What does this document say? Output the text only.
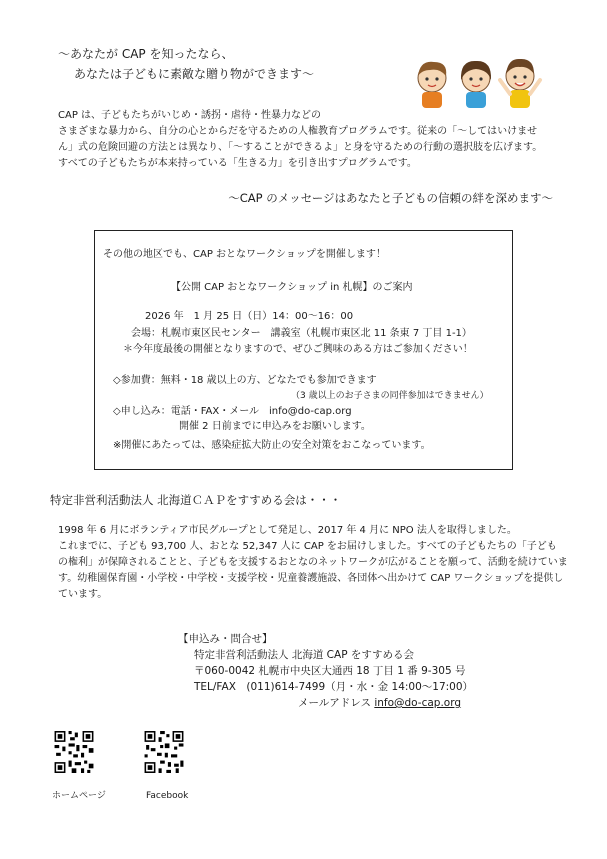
～あなたが CAP を知ったなら、
あなたは子どもに素敵な贈り物ができます～
CAP は、子どもたちがいじめ・誘拐・虐待・性暴力などの
さまざまな暴力から、自分の心とからだを守るための人権教育プログラムです。従来の「～してはいけませ
ん」式の危険回避の方法とは異なり、「～することができるよ」と身を守るための行動の選択肢を広げます。
すべての子どもたちが本来持っている「生きる力」を引き出すプログラムです。
～CAP のメッセージはあなたと子どもの信頼の絆を深めます～
その他の地区でも、CAP おとなワークショップを開催します！
【公開 CAP おとなワークショップ in 札幌】のご案内
2026 年　1 月 25 日（日）14：00～16：00
会場：札幌市東区民センター　講義室（札幌市東区北 11 条東 7 丁目 1-1）
＊今年度最後の開催となりますので、ぜひご興味のある方はご参加ください！
◇参加費：無料・18 歳以上の方、どなたでも参加できます
（3 歳以上のお子さまの同伴参加はできません）
◇申し込み：電話・FAX・メール　info@do-cap.org
開催 2 日前までに申込みをお願いします。
※開催にあたっては、感染症拡大防止の安全対策をおこなっています。
特定非営利活動法人 北海道ＣＡＰをすすめる会は・・・
1998 年 6 月にボランティア市民グループとして発足し、2017 年 4 月に NPO 法人を取得しました。
これまでに、子ども 93,700 人、おとな 52,347 人に CAP をお届けしました。すべての子どもたちの「子ども
の権利」が保障されることと、子どもを支援するおとなのネットワークが広がることを願って、活動を続けていま
す。幼稚園保育園・小学校・中学校・支援学校・児童養護施設、各団体へ出かけて CAP ワークショップを提供し
ています。
【申込み・問合せ】
特定非営利活動法人 北海道 CAP をすすめる会
〒060-0042 札幌市中央区大通西 18 丁目 1 番 9-305 号
TEL/FAX　(011)614-7499（月・水・金 14:00～17:00）
メールアドレス info@do-cap.org
ホームページ	Facebook
